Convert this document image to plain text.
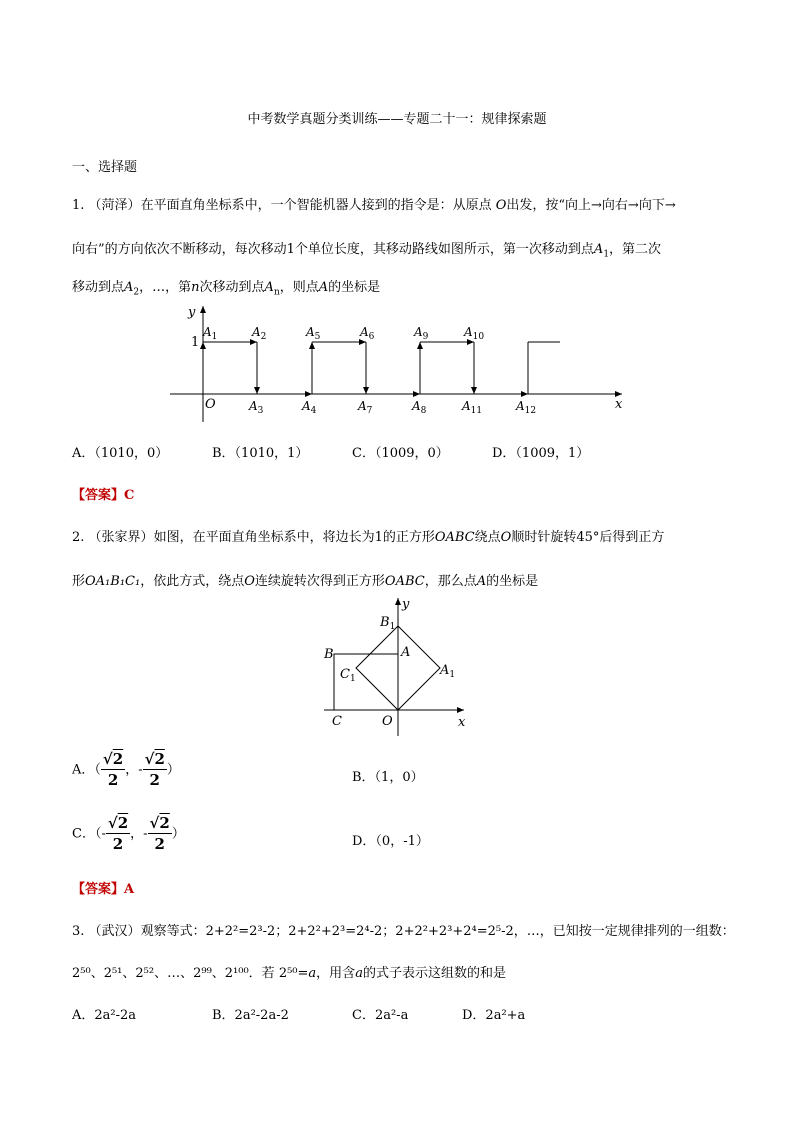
中考数学真题分类训练——专题二十一：规律探索题
一、选择题
1. （菏泽）在平面直角坐标系中，一个智能机器人接到的指令是：从原点 O出发，按“向上→向右→向下→
向右”的方向依次不断移动，每次移动1个单位长度，其移动路线如图所示，第一次移动到点$A_1$，第二次
移动到点$A_2$，…，第n次移动到点$A_n$，则点A的坐标是
y
x
O
1
$A_1$	$A_2$	$A_5$	$A_6$	$A_9$	$A_{10}$
$A_3$	$A_4$	$A_7$	$A_8$	$A_{11}$	$A_{12}$
A．（1010，0）	B．（1010，1）	C．（1009，0）	D．（1009，1）
【答案】C
2. （张家界）如图，在平面直角坐标系中，将边长为1的正方形OABC绕点O顺时针旋转45°后得到正方
形OA₁B₁C₁，依此方式，绕点O连续旋转次得到正方形OABC，那么点A的坐标是
y
x
O
C
B	A
$B_1$
$A_1$
$C_1$
A．（ $\frac{√2}{2}$ ，- $\frac{√2}{2}$ ）	B．（1，0）
C．（- $\frac{√2}{2}$ ，- $\frac{√2}{2}$ ）	D．（0，-1）
【答案】A
3. （武汉）观察等式：2+2²=2³-2；2+2²+2³=2⁴-2；2+2²+2³+2⁴=2⁵-2，…，已知按一定规律排列的一组数：
2⁵⁰、2⁵¹、2⁵²、…、2⁹⁹、2¹⁰⁰．若 2⁵⁰=a，用含a的式子表示这组数的和是
A．2a²-2a	B．2a²-2a-2	C．2a²-a	D．2a²+a
